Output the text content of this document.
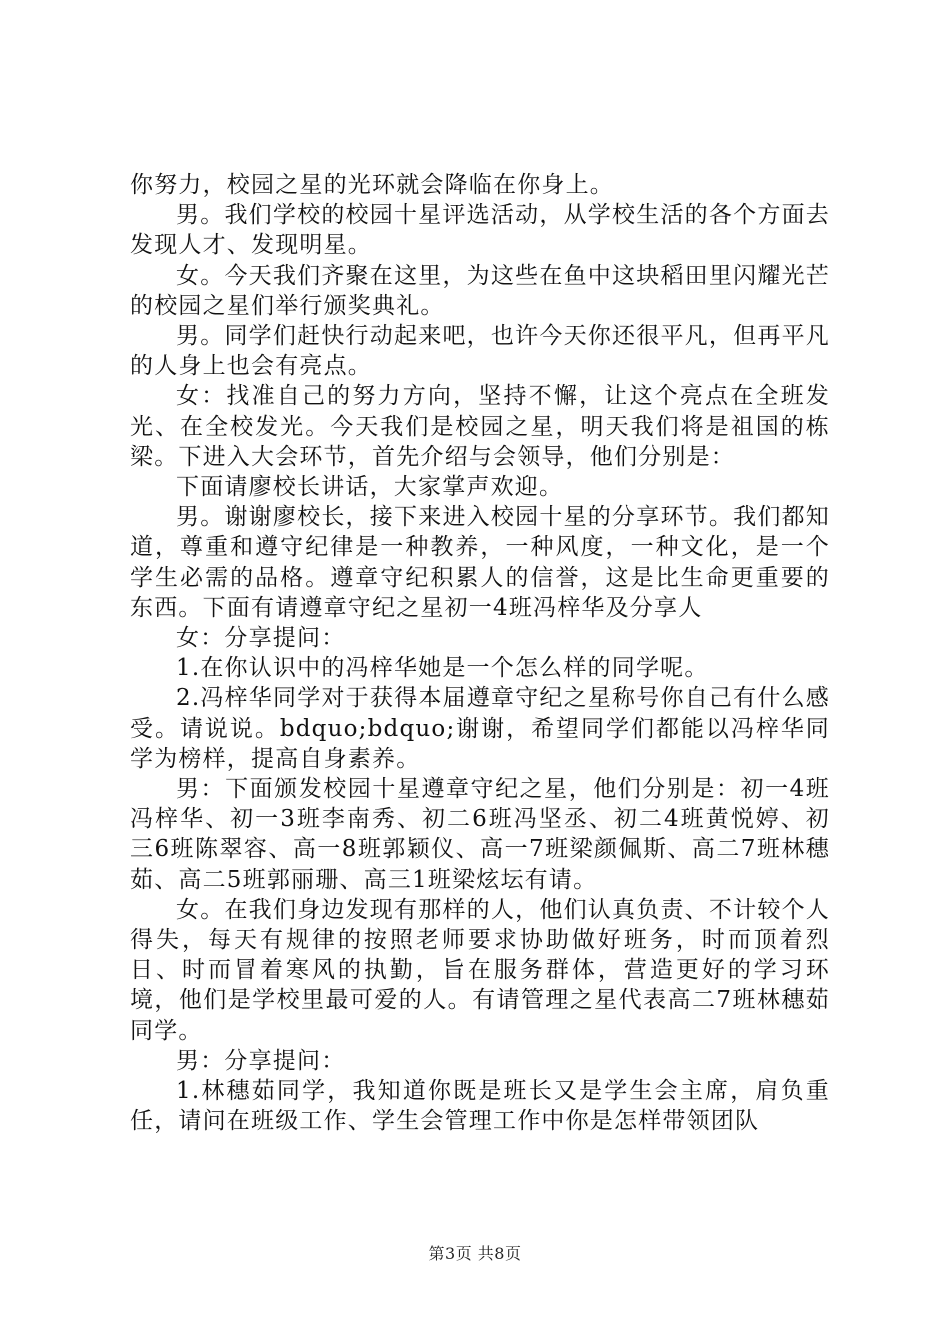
你努力，校园之星的光环就会降临在你身上。

男。我们学校的校园十星评选活动，从学校生活的各个方面去发现人才、发现明星。

女。今天我们齐聚在这里，为这些在鱼中这块稻田里闪耀光芒的校园之星们举行颁奖典礼。

男。同学们赶快行动起来吧，也许今天你还很平凡，但再平凡的人身上也会有亮点。

女：找准自己的努力方向，坚持不懈，让这个亮点在全班发光、在全校发光。今天我们是校园之星，明天我们将是祖国的栋梁。下进入大会环节，首先介绍与会领导，他们分别是：

下面请廖校长讲话，大家掌声欢迎。

男。谢谢廖校长，接下来进入校园十星的分享环节。我们都知道，尊重和遵守纪律是一种教养，一种风度，一种文化，是一个学生必需的品格。遵章守纪积累人的信誉，这是比生命更重要的东西。下面有请遵章守纪之星初一4班冯梓华及分享人

女：分享提问：

1.在你认识中的冯梓华她是一个怎么样的同学呢。

2.冯梓华同学对于获得本届遵章守纪之星称号你自己有什么感受。请说说。bdquo;bdquo;谢谢，希望同学们都能以冯梓华同学为榜样，提高自身素养。

男：下面颁发校园十星遵章守纪之星，他们分别是：初一4班冯梓华、初一3班李南秀、初二6班冯坚丞、初二4班黄悦婷、初三6班陈翠容、高一8班郭颖仪、高一7班梁颜佩斯、高二7班林穗茹、高二5班郭丽珊、高三1班梁炫坛有请。

女。在我们身边发现有那样的人，他们认真负责、不计较个人得失，每天有规律的按照老师要求协助做好班务，时而顶着烈日、时而冒着寒风的执勤，旨在服务群体，营造更好的学习环境，他们是学校里最可爱的人。有请管理之星代表高二7班林穗茹同学。

男：分享提问：

1.林穗茹同学，我知道你既是班长又是学生会主席，肩负重任，请问在班级工作、学生会管理工作中你是怎样带领团队

第3页 共8页
